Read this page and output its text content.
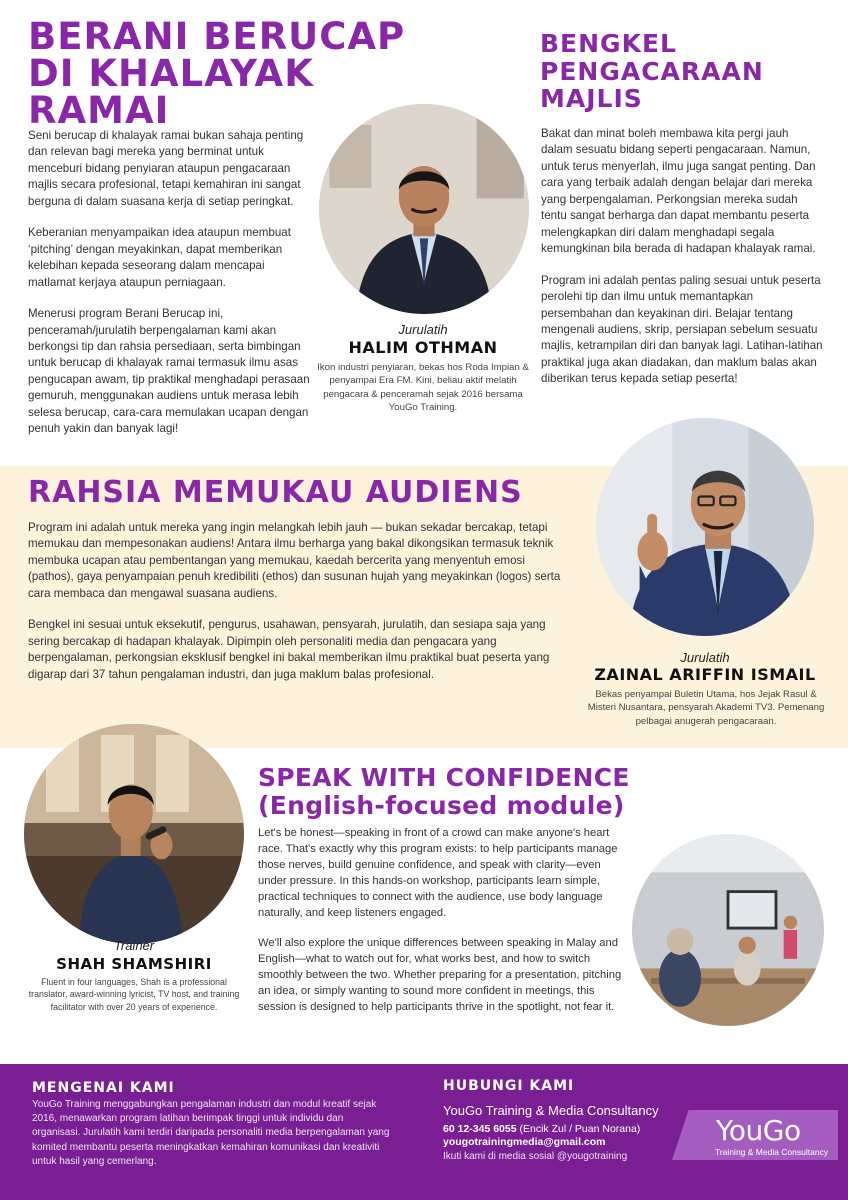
BERANI BERUCAP
DI KHALAYAK
RAMAI

Seni berucap di khalayak ramai bukan sahaja penting dan relevan bagi mereka yang berminat untuk menceburi bidang penyiaran ataupun pengacaraan majlis secara profesional, tetapi kemahiran ini sangat berguna di dalam suasana kerja di setiap peringkat.

Keberanian menyampaikan idea ataupun membuat ‘pitching’ dengan meyakinkan, dapat memberikan kelebihan kepada seseorang dalam mencapai matlamat kerjaya ataupun perniagaan.

Menerusi program Berani Berucap ini, penceramah/jurulatih berpengalaman kami akan berkongsi tip dan rahsia persediaan, serta bimbingan untuk berucap di khalayak ramai termasuk ilmu asas pengucapan awam, tip praktikal menghadapi perasaan gemuruh, menggunakan audiens untuk merasa lebih selesa berucap, cara-cara memulakan ucapan dengan penuh yakin dan banyak lagi!

Jurulatih
HALIM OTHMAN
Ikon industri penyiaran, bekas hos Roda Impian & penyampai Era FM. Kini, beliau aktif melatih pengacara & penceramah sejak 2016 bersama YouGo Training.
BENGKEL
PENGACARAAN
MAJLIS

Bakat dan minat boleh membawa kita pergi jauh dalam sesuatu bidang seperti pengacaraan. Namun, untuk terus menyerlah, ilmu juga sangat penting. Dan cara yang terbaik adalah dengan belajar dari mereka yang berpengalaman. Perkongsian mereka sudah tentu sangat berharga dan dapat membantu peserta melengkapkan diri dalam menghadapi segala kemungkinan bila berada di hadapan khalayak ramai.

Program ini adalah pentas paling sesuai untuk peserta perolehi tip dan ilmu untuk memantapkan persembahan dan keyakinan diri. Belajar tentang mengenali audiens, skrip, persiapan sebelum sesuatu majlis, ketrampilan diri dan banyak lagi. Latihan-latihan praktikal juga akan diadakan, dan maklum balas akan diberikan terus kepada setiap peserta!

RAHSIA MEMUKAU AUDIENS

Program ini adalah untuk mereka yang ingin melangkah lebih jauh — bukan sekadar bercakap, tetapi memukau dan mempesonakan audiens! Antara ilmu berharga yang bakal dikongsikan termasuk teknik membuka ucapan atau pembentangan yang memukau, kaedah bercerita yang menyentuh emosi (pathos), gaya penyampaian penuh kredibiliti (ethos) dan susunan hujah yang meyakinkan (logos) serta cara membaca dan mengawal suasana audiens.

Bengkel ini sesuai untuk eksekutif, pengurus, usahawan, pensyarah, jurulatih, dan sesiapa saja yang sering bercakap di hadapan khalayak. Dipimpin oleh personaliti media dan pengacara yang berpengalaman, perkongsian eksklusif bengkel ini bakal memberikan ilmu praktikal buat peserta yang digarap dari 37 tahun pengalaman industri, dan juga maklum balas profesional.

Jurulatih
ZAINAL ARIFFIN ISMAIL
Bekas penyampai Buletin Utama, hos Jejak Rasul & Misteri Nusantara, pensyarah Akademi TV3. Pemenang pelbagai anugerah pengacaraan.
Trainer
SHAH SHAMSHIRI
Fluent in four languages, Shah is a professional translator, award-winning lyricist, TV host, and training facilitator with over 20 years of experience.
SPEAK WITH CONFIDENCE
(English-focused module)

Let's be honest—speaking in front of a crowd can make anyone's heart race. That's exactly why this program exists: to help participants manage those nerves, build genuine confidence, and speak with clarity—even under pressure. In this hands-on workshop, participants learn simple, practical techniques to connect with the audience, use body language naturally, and keep listeners engaged.

We'll also explore the unique differences between speaking in Malay and English—what to watch out for, what works best, and how to switch smoothly between the two. Whether preparing for a presentation, pitching an idea, or simply wanting to sound more confident in meetings, this session is designed to help participants thrive in the spotlight, not fear it.

MENGENAI KAMI
YouGo Training menggabungkan pengalaman industri dan modul kreatif sejak 2016, menawarkan program latihan berimpak tinggi untuk individu dan organisasi. Jurulatih kami terdiri daripada personaliti media berpengalaman yang komited membantu peserta meningkatkan kemahiran komunikasi dan kreativiti untuk hasil yang cemerlang.
HUBUNGI KAMI
YouGo Training & Media Consultancy
60 12-345 6055 (Encik Zul / Puan Norana)
yougotrainingmedia@gmail.com
Ikuti kami di media sosial @yougotraining
YouGo
Training & Media Consultancy
